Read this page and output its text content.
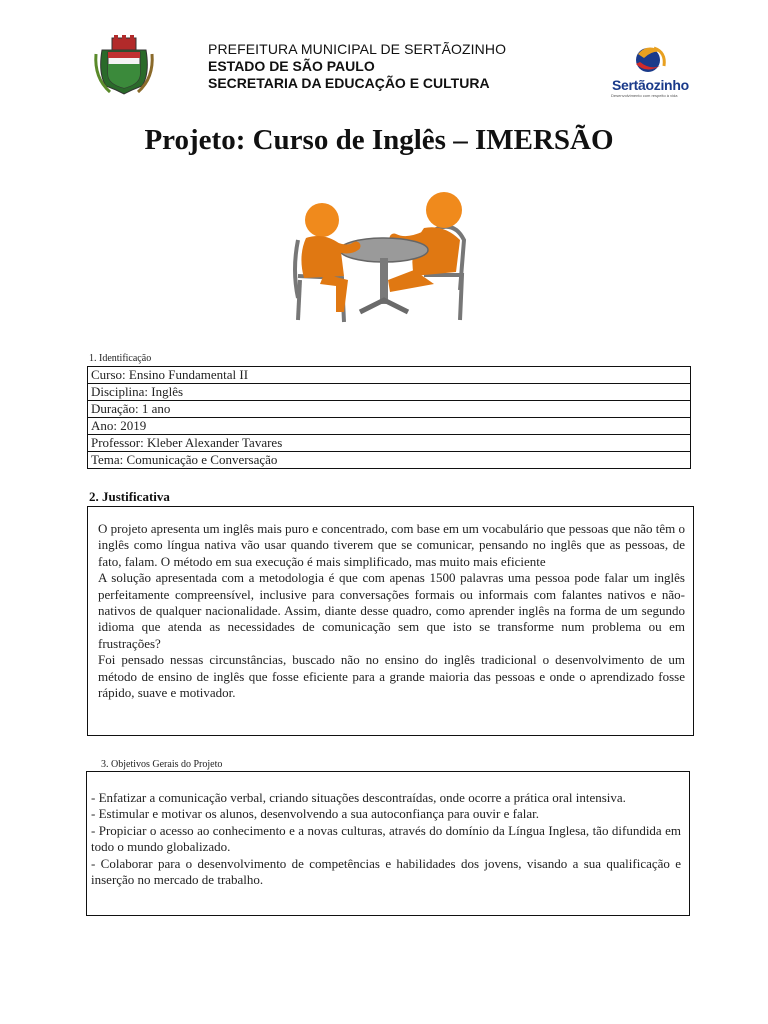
PREFEITURA MUNICIPAL DE SERTÃOZINHO
ESTADO DE SÃO PAULO
SECRETARIA DA EDUCAÇÃO E CULTURA	Sertãozinho
Desenvolvimento com respeito à vida
Projeto: Curso de Inglês – IMERSÃO
1. Identificação
Curso: Ensino Fundamental II
Disciplina: Inglês
Duração: 1 ano
Ano: 2019
Professor: Kleber Alexander Tavares
Tema: Comunicação e Conversação
2. Justificativa

O projeto apresenta um inglês mais puro e concentrado, com base em um vocabulário que pessoas que não têm o inglês como língua nativa vão usar quando tiverem que se comunicar, pensando no inglês que as pessoas, de fato, falam. O método em sua execução é mais simplificado, mas muito mais eficiente

A solução apresentada com a metodologia é que com apenas 1500 palavras uma pessoa pode falar um inglês perfeitamente compreensível, inclusive para conversações formais ou informais com falantes nativos e não-nativos de qualquer nacionalidade. Assim, diante desse quadro, como aprender inglês na forma de um segundo idioma que atenda as necessidades de comunicação sem que isto se transforme num problema ou em frustrações?

Foi pensado nessas circunstâncias, buscado não no ensino do inglês tradicional o desenvolvimento de um método de ensino de inglês que fosse eficiente para a grande maioria das pessoas e onde o aprendizado fosse rápido, suave e motivador.

3. Objetivos Gerais do Projeto

- Enfatizar a comunicação verbal, criando situações descontraídas, onde ocorre a prática oral intensiva.

- Estimular e motivar os alunos, desenvolvendo a sua autoconfiança para ouvir e falar.

- Propiciar o acesso ao conhecimento e a novas culturas, através do domínio da Língua Inglesa, tão difundida em todo o mundo globalizado.

- Colaborar para o desenvolvimento de competências e habilidades dos jovens, visando a sua qualificação e inserção no mercado de trabalho.
